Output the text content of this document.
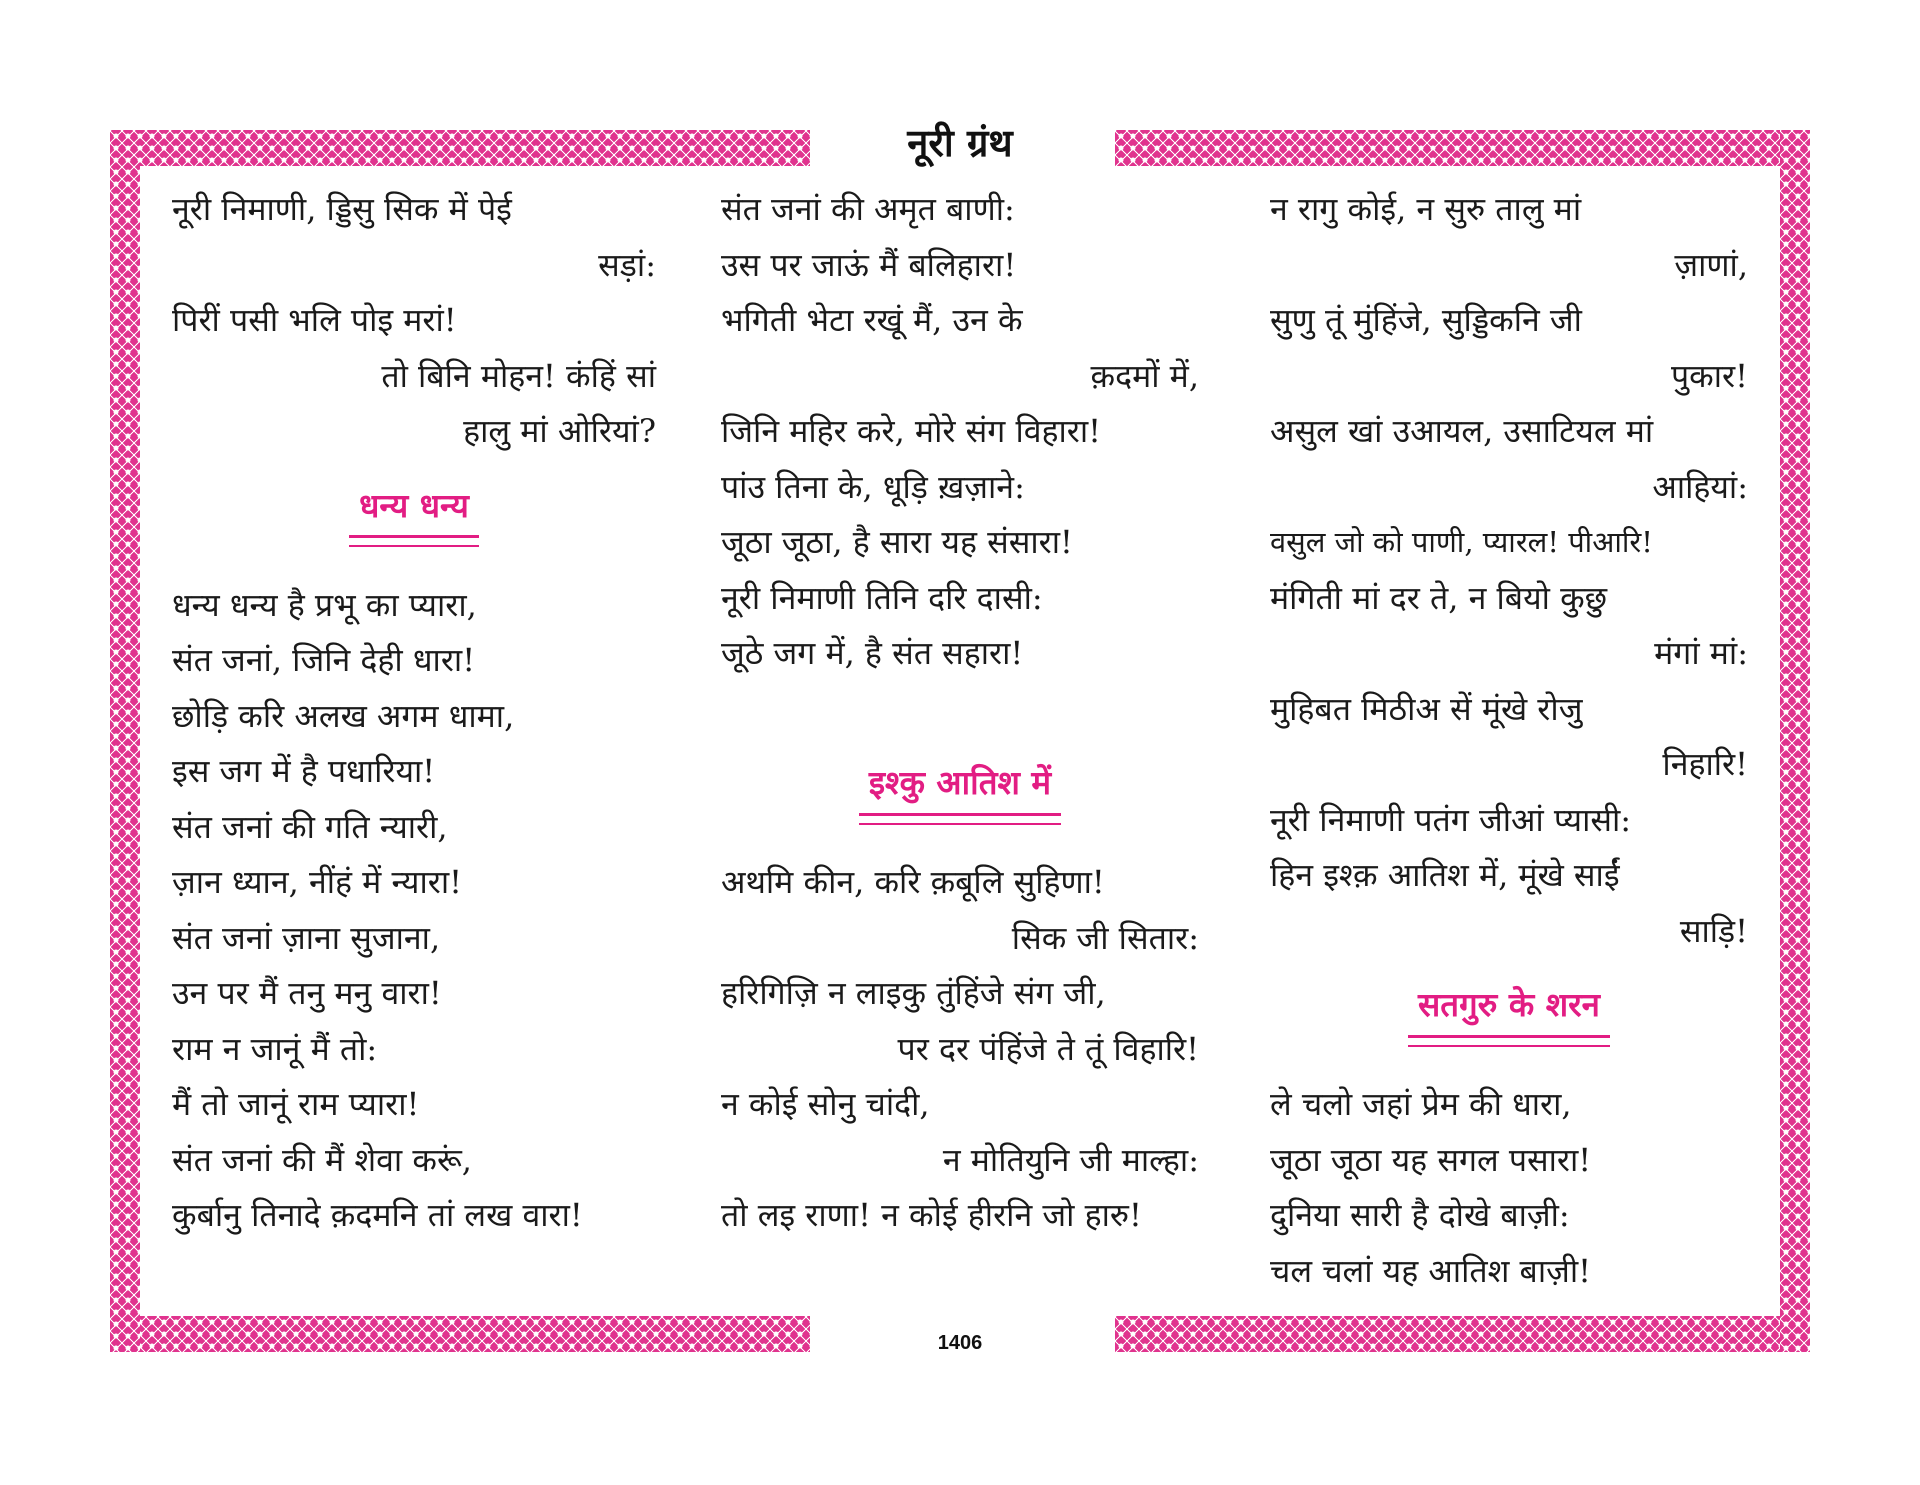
नूरी ग्रंथ
नूरी निमाणी, ड्डिसु सिक में पेई
सड़ां:
पिरीं पसी भलि पोइ मरां!
तो बिनि मोहन! कंहिं सां
हालु मां ओरियां?
धन्य धन्य
धन्य धन्य है प्रभू का प्यारा,
संत जनां, जिनि देही धारा!
छोड़ि करि अलख अगम धामा,
इस जग में है पधारिया!
संत जनां की गति न्यारी,
ज़ान ध्यान, नींहं में न्यारा!
संत जनां ज़ाना सुजाना,
उन पर मैं तनु मनु वारा!
राम न जानूं मैं तो:
मैं तो जानूं राम प्यारा!
संत जनां की मैं शेवा करूं,
कुर्बानु तिनादे क़दमनि तां लख वारा!
संत जनां की अमृत बाणी:
उस पर जाऊं मैं बलिहारा!
भगिती भेटा रखूं मैं, उन के
क़दमों में,
जिनि महिर करे, मोरे संग विहारा!
पांउ तिना के, धूड़ि ख़ज़ाने:
जूठा जूठा, है सारा यह संसारा!
नूरी निमाणी तिनि दरि दासी:
जूठे जग में, है संत सहारा!
इश्कु आतिश में
अथमि कीन, करि क़बूलि सुहिणा!
सिक जी सितार:
हरिगिज़ि न लाइकु तुंहिंजे संग जी,
पर दर पंहिंजे ते तूं विहारि!
न कोई सोनु चांदी,
न मोतियुनि जी माल्हा:
तो लइ राणा! न कोई हीरनि जो हारु!
न रागु कोई, न सुरु तालु मां
ज़ाणां,
सुणु तूं मुंहिंजे, सुड्डिकनि जी
पुकार!
असुल खां उआयल, उसाटियल मां
आहियां:
वसुल जो को पाणी, प्यारल! पीआरि!
मंगिती मां दर ते, न बियो कुछु
मंगां मां:
मुहिबत मिठीअ सें मूंखे रोजु
निहारि!
नूरी निमाणी पतंग जीआं प्यासी:
हिन इश्क़ आतिश में, मूंखे साईं
साड़ि!
सतगुरु के शरन
ले चलो जहां प्रेम की धारा,
जूठा जूठा यह सगल पसारा!
दुनिया सारी है दोखे बाज़ी:
चल चलां यह आतिश बाज़ी!
1406
